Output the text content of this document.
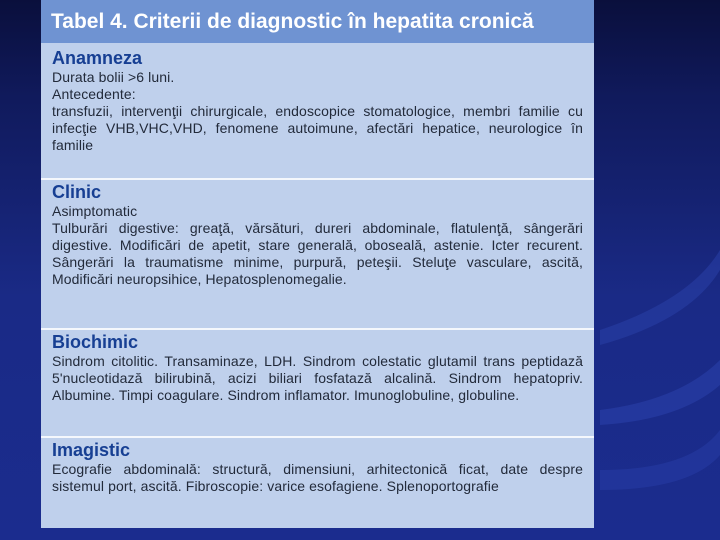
Tabel 4. Criterii de diagnostic în hepatita cronică
Anamneza
Durata bolii >6 luni.
Antecedente:
transfuzii, intervenţii chirurgicale, endoscopice stomatologice, membri familie cu infecţie VHB,VHC,VHD, fenomene autoimune, afectări hepatice, neurologice în familie
Clinic
Asimptomatic
Tulburări digestive: greaţă, vărsături, dureri abdominale, flatulenţă, sângerări digestive. Modificări de apetit, stare generală, oboseală, astenie. Icter recurent. Sângerări la traumatisme minime, purpură, peteşii. Steluţe vasculare, ascită, Modificări neuropsihice, Hepatosplenomegalie.
Biochimic
Sindrom citolitic. Transaminaze, LDH. Sindrom colestatic glutamil trans peptidază 5'nucleotidază bilirubină, acizi biliari fosfatază alcalină. Sindrom hepatopriv. Albumine. Timpi coagulare. Sindrom inflamator. Imunoglobuline, globuline.
Imagistic
Ecografie abdominală: structură, dimensiuni, arhitectonică ficat, date despre sistemul port, ascită. Fibroscopie: varice esofagiene. Splenoportografie
